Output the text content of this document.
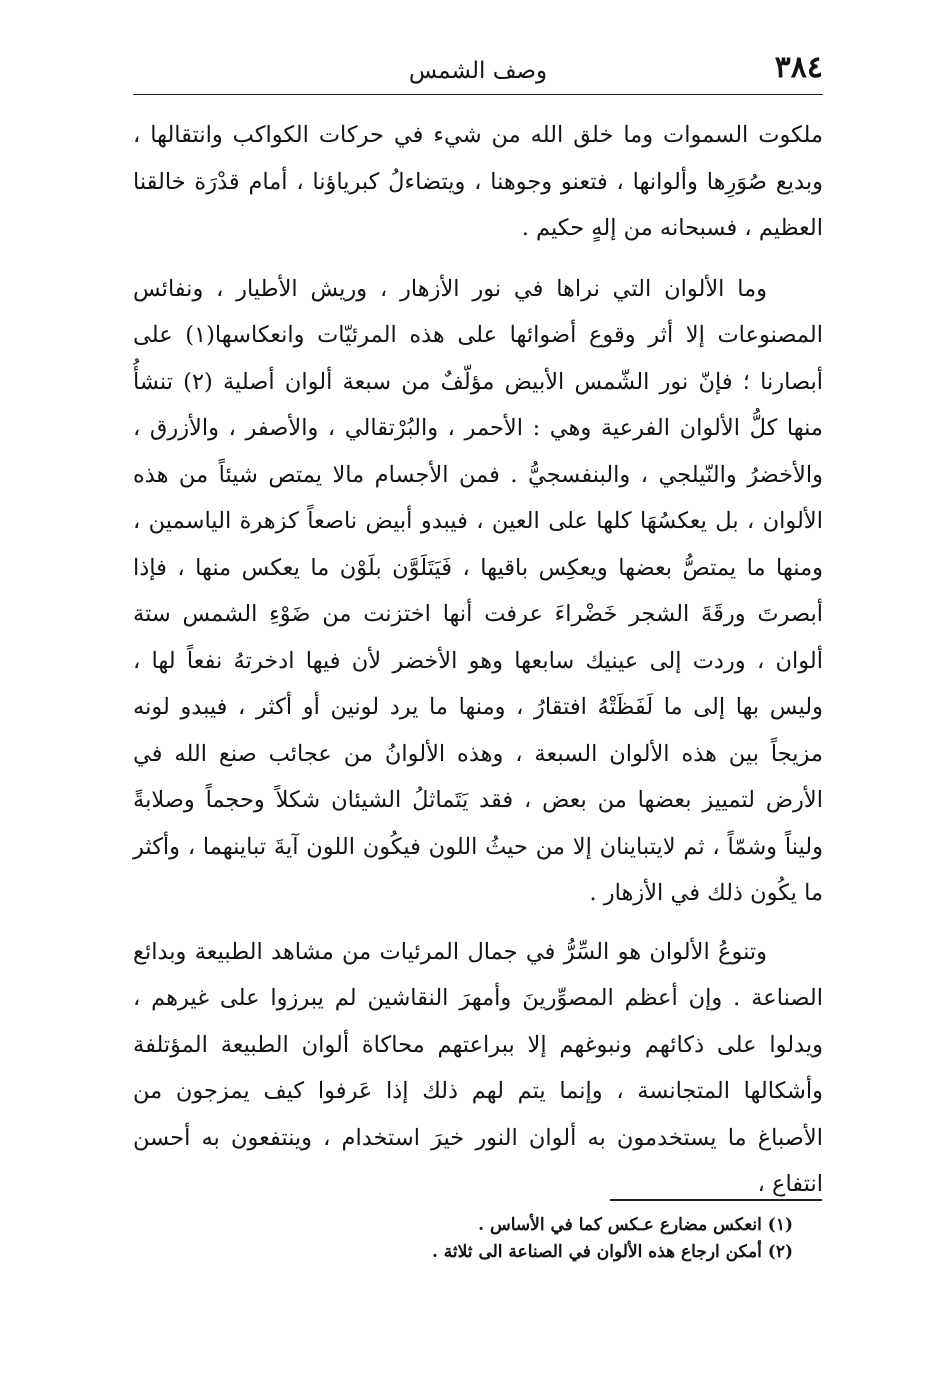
٣٨٤
وصف الشمس

ملكوت السموات وما خلق الله من شيء في حركات الكواكب وانتقالها ، وبديع صُوَرِها وألوانها ، فتعنو وجوهنا ، ويتضاءلُ كبرياؤنا ، أمام قدْرَة خالقنا العظيم ، فسبحانه من إلهٍ حكيم .

وما الألوان التي نراها في نور الأزهار ، وريش الأطيار ، ونفائس المصنوعات إلا أثر وقوع أضوائها على هذه المرئيّات وانعكاسها(١) على أبصارنا ؛ فإنّ نور الشّمس الأبيض مؤلّفٌ من سبعة ألوان أصلية (٢) تنشأُ منها كلُّ الألوان الفرعية وهي : الأحمر ، والبُرْتقالي ، والأصفر ، والأزرق ، والأخضرُ والنّيلجي ، والبنفسجيُّ . فمن الأجسام مالا يمتص شيئاً من هذه الألوان ، بل يعكسُهَا كلها على العين ، فيبدو أبيض ناصعاً كزهرة الياسمين ، ومنها ما يمتصُّ بعضها ويعكِس باقيها ، فَيَتَلَوَّن بلَوْن ما يعكس منها ، فإذا أبصرتَ ورقَةَ الشجر خَضْراءَ عرفت أنها اختزنت من ضَوْءِ الشمس ستة ألوان ، وردت إلى عينيك سابعها وهو الأخضر لأن فيها ادخرتهُ نفعاً لها ، وليس بها إلى ما لَفَظَتْهُ افتقارُ ، ومنها ما يرد لونين أو أكثر ، فيبدو لونه مزيجاً بين هذه الألوان السبعة ، وهذه الألوانُ من عجائب صنع الله في الأرض لتمييز بعضها من بعض ، فقد يَتَماثلُ الشيئان شكلاً وحجماً وصلابةً وليناً وشمّاً ، ثم لايتباينان إلا من حيثُ اللون فيكُون اللون آيةَ تباينهما ، وأكثر ما يكُون ذلك في الأزهار .

وتنوعُ الألوان هو السِّرُّ في جمال المرئيات من مشاهد الطبيعة وبدائع الصناعة . وإن أعظم المصوِّرينَ وأمهرَ النقاشين لم يبرزوا على غيرهم ، ويدلوا على ذكائهم ونبوغهم إلا ببراعتهم محاكاة ألوان الطبيعة المؤتلفة وأشكالها المتجانسة ، وإنما يتم لهم ذلك إذا عَرفوا كيف يمزجون من الأصباغ ما يستخدمون به ألوان النور خيرَ استخدام ، وينتفعون به أحسن انتفاع ،

(١) انعكس مضارع عـكس كما في الأساس .
(٢) أمكن ارجاع هذه الألوان في الصناعة الى ثلاثة .
